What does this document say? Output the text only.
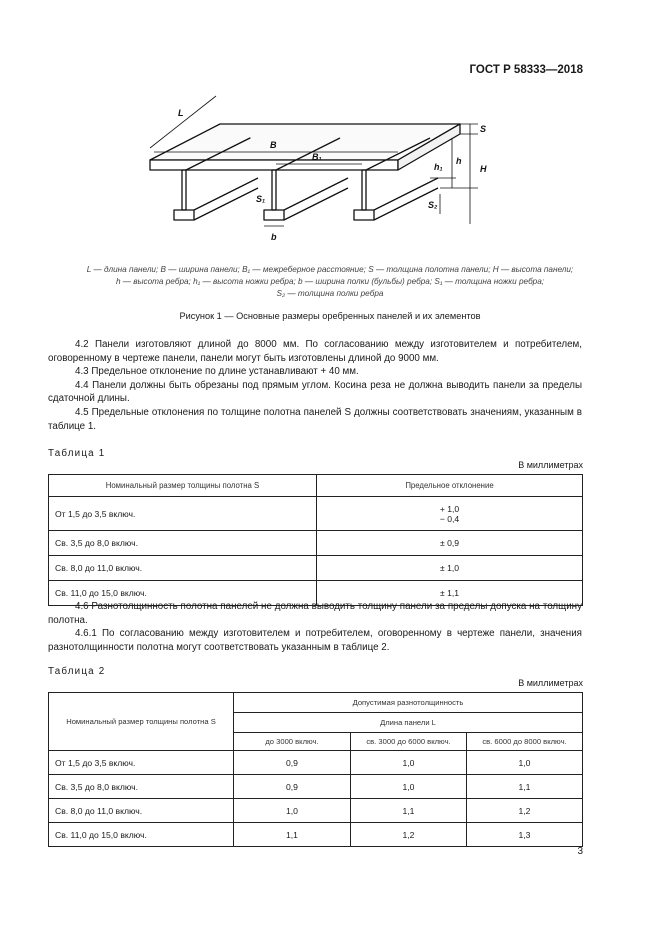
ГОСТ Р 58333—2018
L
B
B₁
S
H
h
h₁
S₁
S₂
b
L — длина панели; B — ширина панели; B₁ — межреберное расстояние; S — толщина полотна панели; H — высота панели;
h — высота ребра; h₁ — высота ножки ребра; b — ширина полки (бульбы) ребра; S₁ — толщина ножки ребра;
S₂ — толщина полки ребра
Рисунок 1 — Основные размеры оребренных панелей и их элементов

4.2 Панели изготовляют длиной до 8000 мм. По согласованию между изготовителем и потребителем, оговоренному в чертеже панели, панели могут быть изготовлены длиной до 9000 мм.

4.3 Предельное отклонение по длине устанавливают + 40 мм.

4.4 Панели должны быть обрезаны под прямым углом. Косина реза не должна выводить панели за пределы сдаточной длины.

4.5 Предельные отклонения по толщине полотна панелей S должны соответствовать значениям, указанным в таблице 1.

Таблица 1
В миллиметрах
Номинальный размер толщины полотна S	Предельное отклонение
От 1,5 до 3,5 включ.	+ 1,0
− 0,4

Св. 3,5 до 8,0 включ.	± 0,9
Св. 8,0 до 11,0 включ.	± 1,0
Св. 11,0 до 15,0 включ.	± 1,1

4.6 Разнотолщинность полотна панелей не должна выводить толщину панели за пределы допуска на толщину полотна.

4.6.1 По согласованию между изготовителем и потребителем, оговоренному в чертеже панели, значения разнотолщинности полотна могут соответствовать указанным в таблице 2.

Таблица 2
В миллиметрах
Номинальный размер толщины полотна S	Допустимая разнотолщинность		
	Длина панели L		
	до 3000 включ.	св. 3000 до 6000 включ.	св. 6000 до 8000 включ.
От 1,5 до 3,5 включ.	0,9	1,0	1,0
Св. 3,5 до 8,0 включ.	0,9	1,0	1,1
Св. 8,0 до 11,0 включ.	1,0	1,1	1,2
Св. 11,0 до 15,0 включ.	1,1	1,2	1,3
3
